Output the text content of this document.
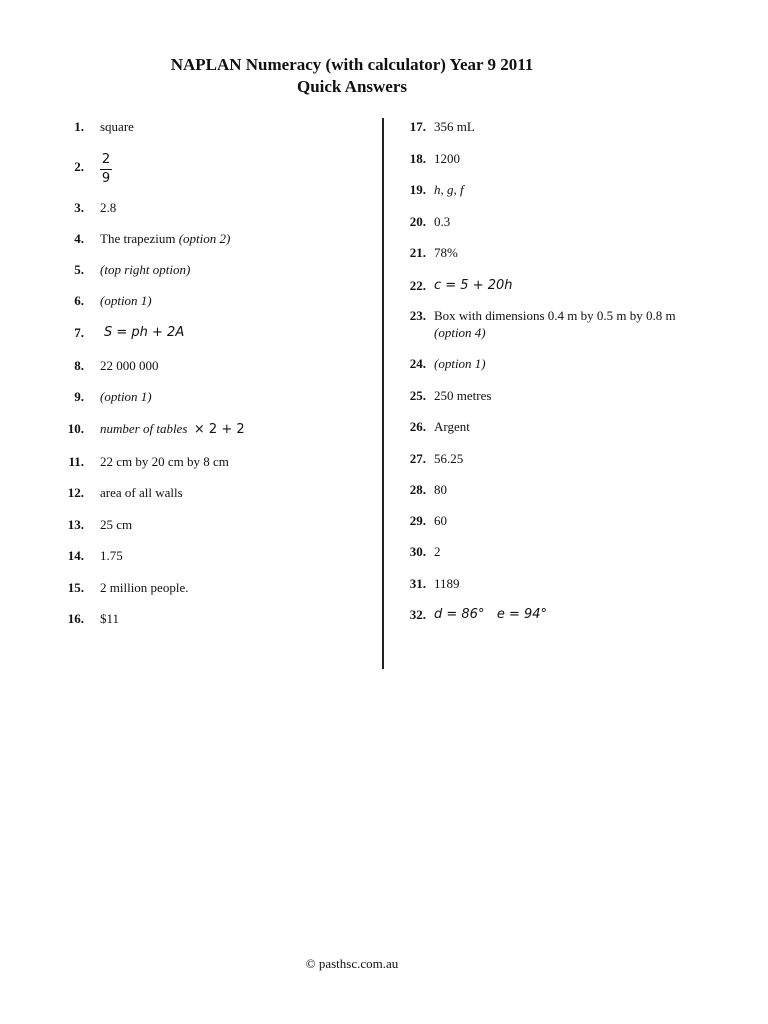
NAPLAN Numeracy (with calculator) Year 9 2011
Quick Answers
1. square
2. $\frac{2}{9}$
3. 2.8
4. The trapezium (option 2)
5. (top right option)
6. (option 1)
7. S = ph + 2A
8. 22 000 000
9. (option 1)
10. number of tables × 2 + 2
11. 22 cm by 20 cm by 8 cm
12. area of all walls
13. 25 cm
14. 1.75
15. 2 million people.
16. $11
17. 356 mL
18. 1200
19. h, g, f
20. 0.3
21. 78%
22. c = 5 + 20h
23. Box with dimensions 0.4 m by 0.5 m by 0.8 m  (option 4)
24. (option 1)
25. 250 metres
26. Argent
27. 56.25
28. 80
29. 60
30. 2
31. 1189
32. d = 86°   e = 94°
© pasthsc.com.au
